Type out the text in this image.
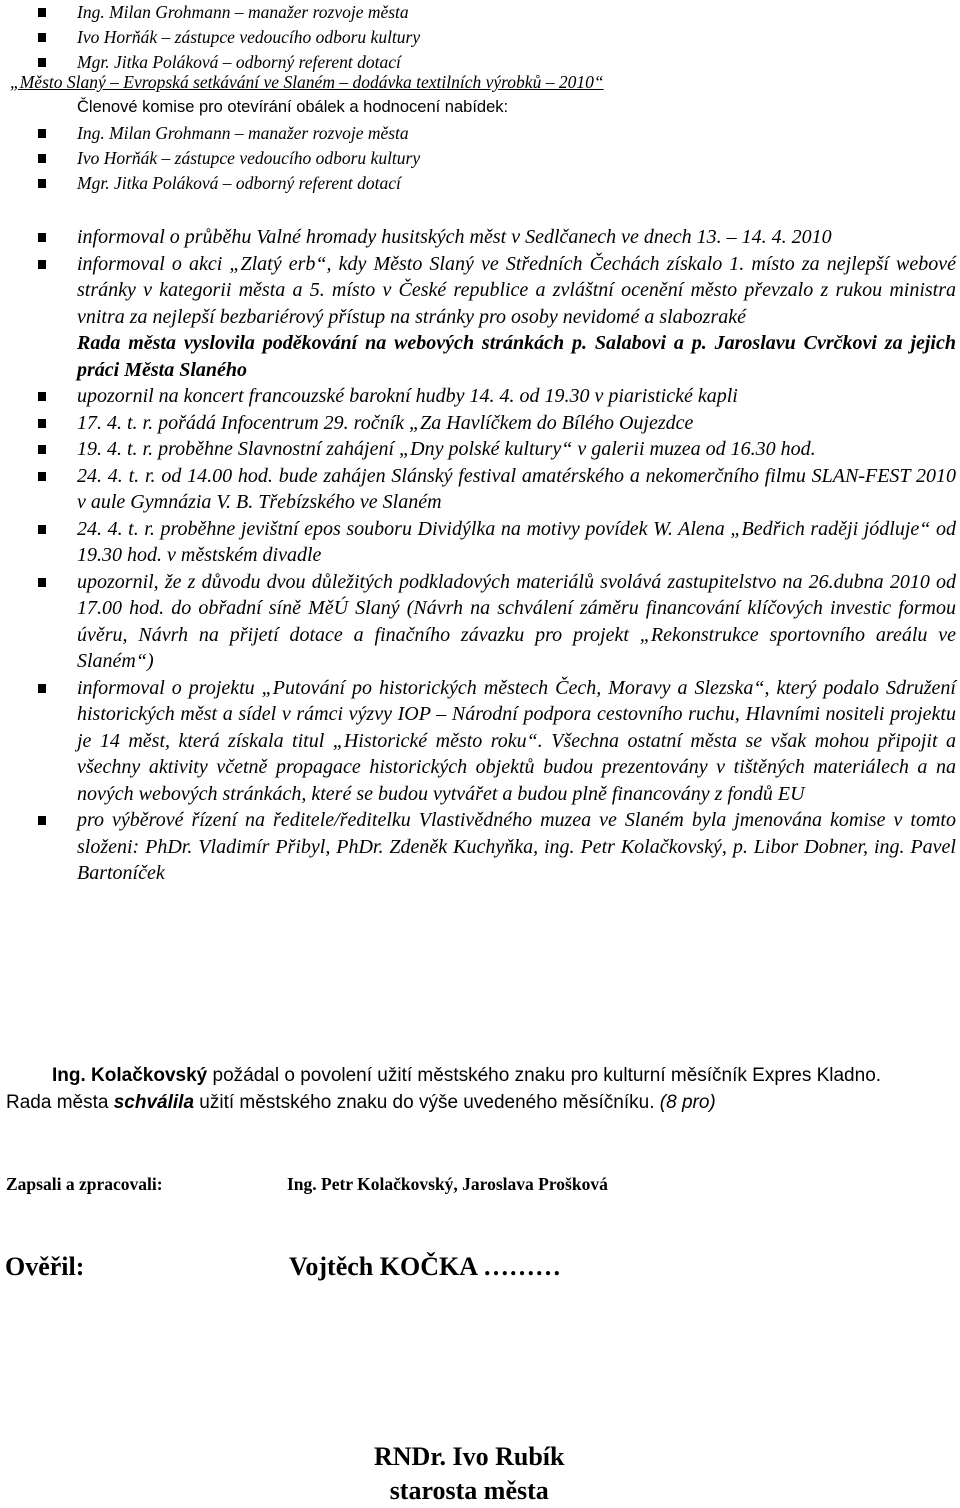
Ing. Milan Grohmann – manažer rozvoje města
Ivo Horňák – zástupce vedoucího odboru kultury
Mgr. Jitka Poláková – odborný referent dotací
„Město Slaný – Evropská setkávání ve Slaném – dodávka textilních výrobků – 2010“
Členové komise pro otevírání obálek a hodnocení nabídek:
Ing. Milan Grohmann – manažer rozvoje města
Ivo Horňák – zástupce vedoucího odboru kultury
Mgr. Jitka Poláková – odborný referent dotací
informoval o průběhu Valné hromady husitských měst v Sedlčanech ve dnech 13. – 14. 4. 2010
informoval o akci „Zlatý erb“, kdy Město Slaný ve Středních Čechách získalo 1. místo za nejlepší webové stránky v kategorii města a 5. místo v České republice a zvláštní ocenění město převzalo z rukou ministra vnitra za nejlepší bezbariérový přístup na stránky pro osoby nevidomé a slabozraké
Rada města vyslovila poděkování na webových stránkách p. Salabovi a p. Jaroslavu Cvrčkovi za jejich práci Města Slaného
upozornil na koncert francouzské barokní hudby 14. 4. od 19.30 v piaristické kapli
17. 4. t. r. pořádá Infocentrum 29. ročník „Za Havlíčkem do Bílého Oujezdce
19. 4. t. r. proběhne Slavnostní zahájení „Dny polské kultury“ v galerii muzea od 16.30 hod.
24. 4. t. r. od 14.00 hod. bude zahájen Slánský festival amatérského a nekomerčního filmu SLAN-FEST 2010 v aule Gymnázia V. B. Třebízského ve Slaném
24. 4. t. r. proběhne jevištní epos souboru Dividýlka na motivy povídek W. Alena „Bedřich raději jódluje“ od 19.30 hod. v městském divadle
upozornil, že z důvodu dvou důležitých podkladových materiálů svolává zastupitelstvo na 26.dubna 2010 od 17.00 hod. do obřadní síně MěÚ Slaný (Návrh na schválení záměru financování klíčových investic formou úvěru, Návrh na přijetí dotace a finačního závazku pro projekt „Rekonstrukce sportovního areálu ve Slaném“)
informoval o projektu „Putování po historických městech Čech, Moravy a Slezska“, který podalo Sdružení historických měst a sídel v rámci výzvy IOP – Národní podpora cestovního ruchu, Hlavními nositeli projektu je 14 měst, která získala titul „Historické město roku“. Všechna ostatní města se však mohou připojit a všechny aktivity včetně propagace historických objektů budou prezentovány v tištěných materiálech a na nových webových stránkách, které se budou vytvářet a budou plně financovány z fondů EU
pro výběrové řízení na ředitele/ředitelku Vlastivědného muzea ve Slaném byla jmenována komise v tomto složeni: PhDr. Vladimír Přibyl, PhDr. Zdeněk Kuchyňka, ing. Petr Kolačkovský, p. Libor Dobner, ing. Pavel Bartoníček
Ing. Kolačkovský požádal o povolení užití městského znaku pro kulturní měsíčník Expres Kladno. Rada města schválila užití městského znaku do výše uvedeného měsíčníku. (8 pro)
Zapsali a zpracovali:	Ing. Petr Kolačkovský, Jaroslava Prošková
Ověřil:	Vojtěch KOČKA ………
RNDr. Ivo Rubík
starosta města
